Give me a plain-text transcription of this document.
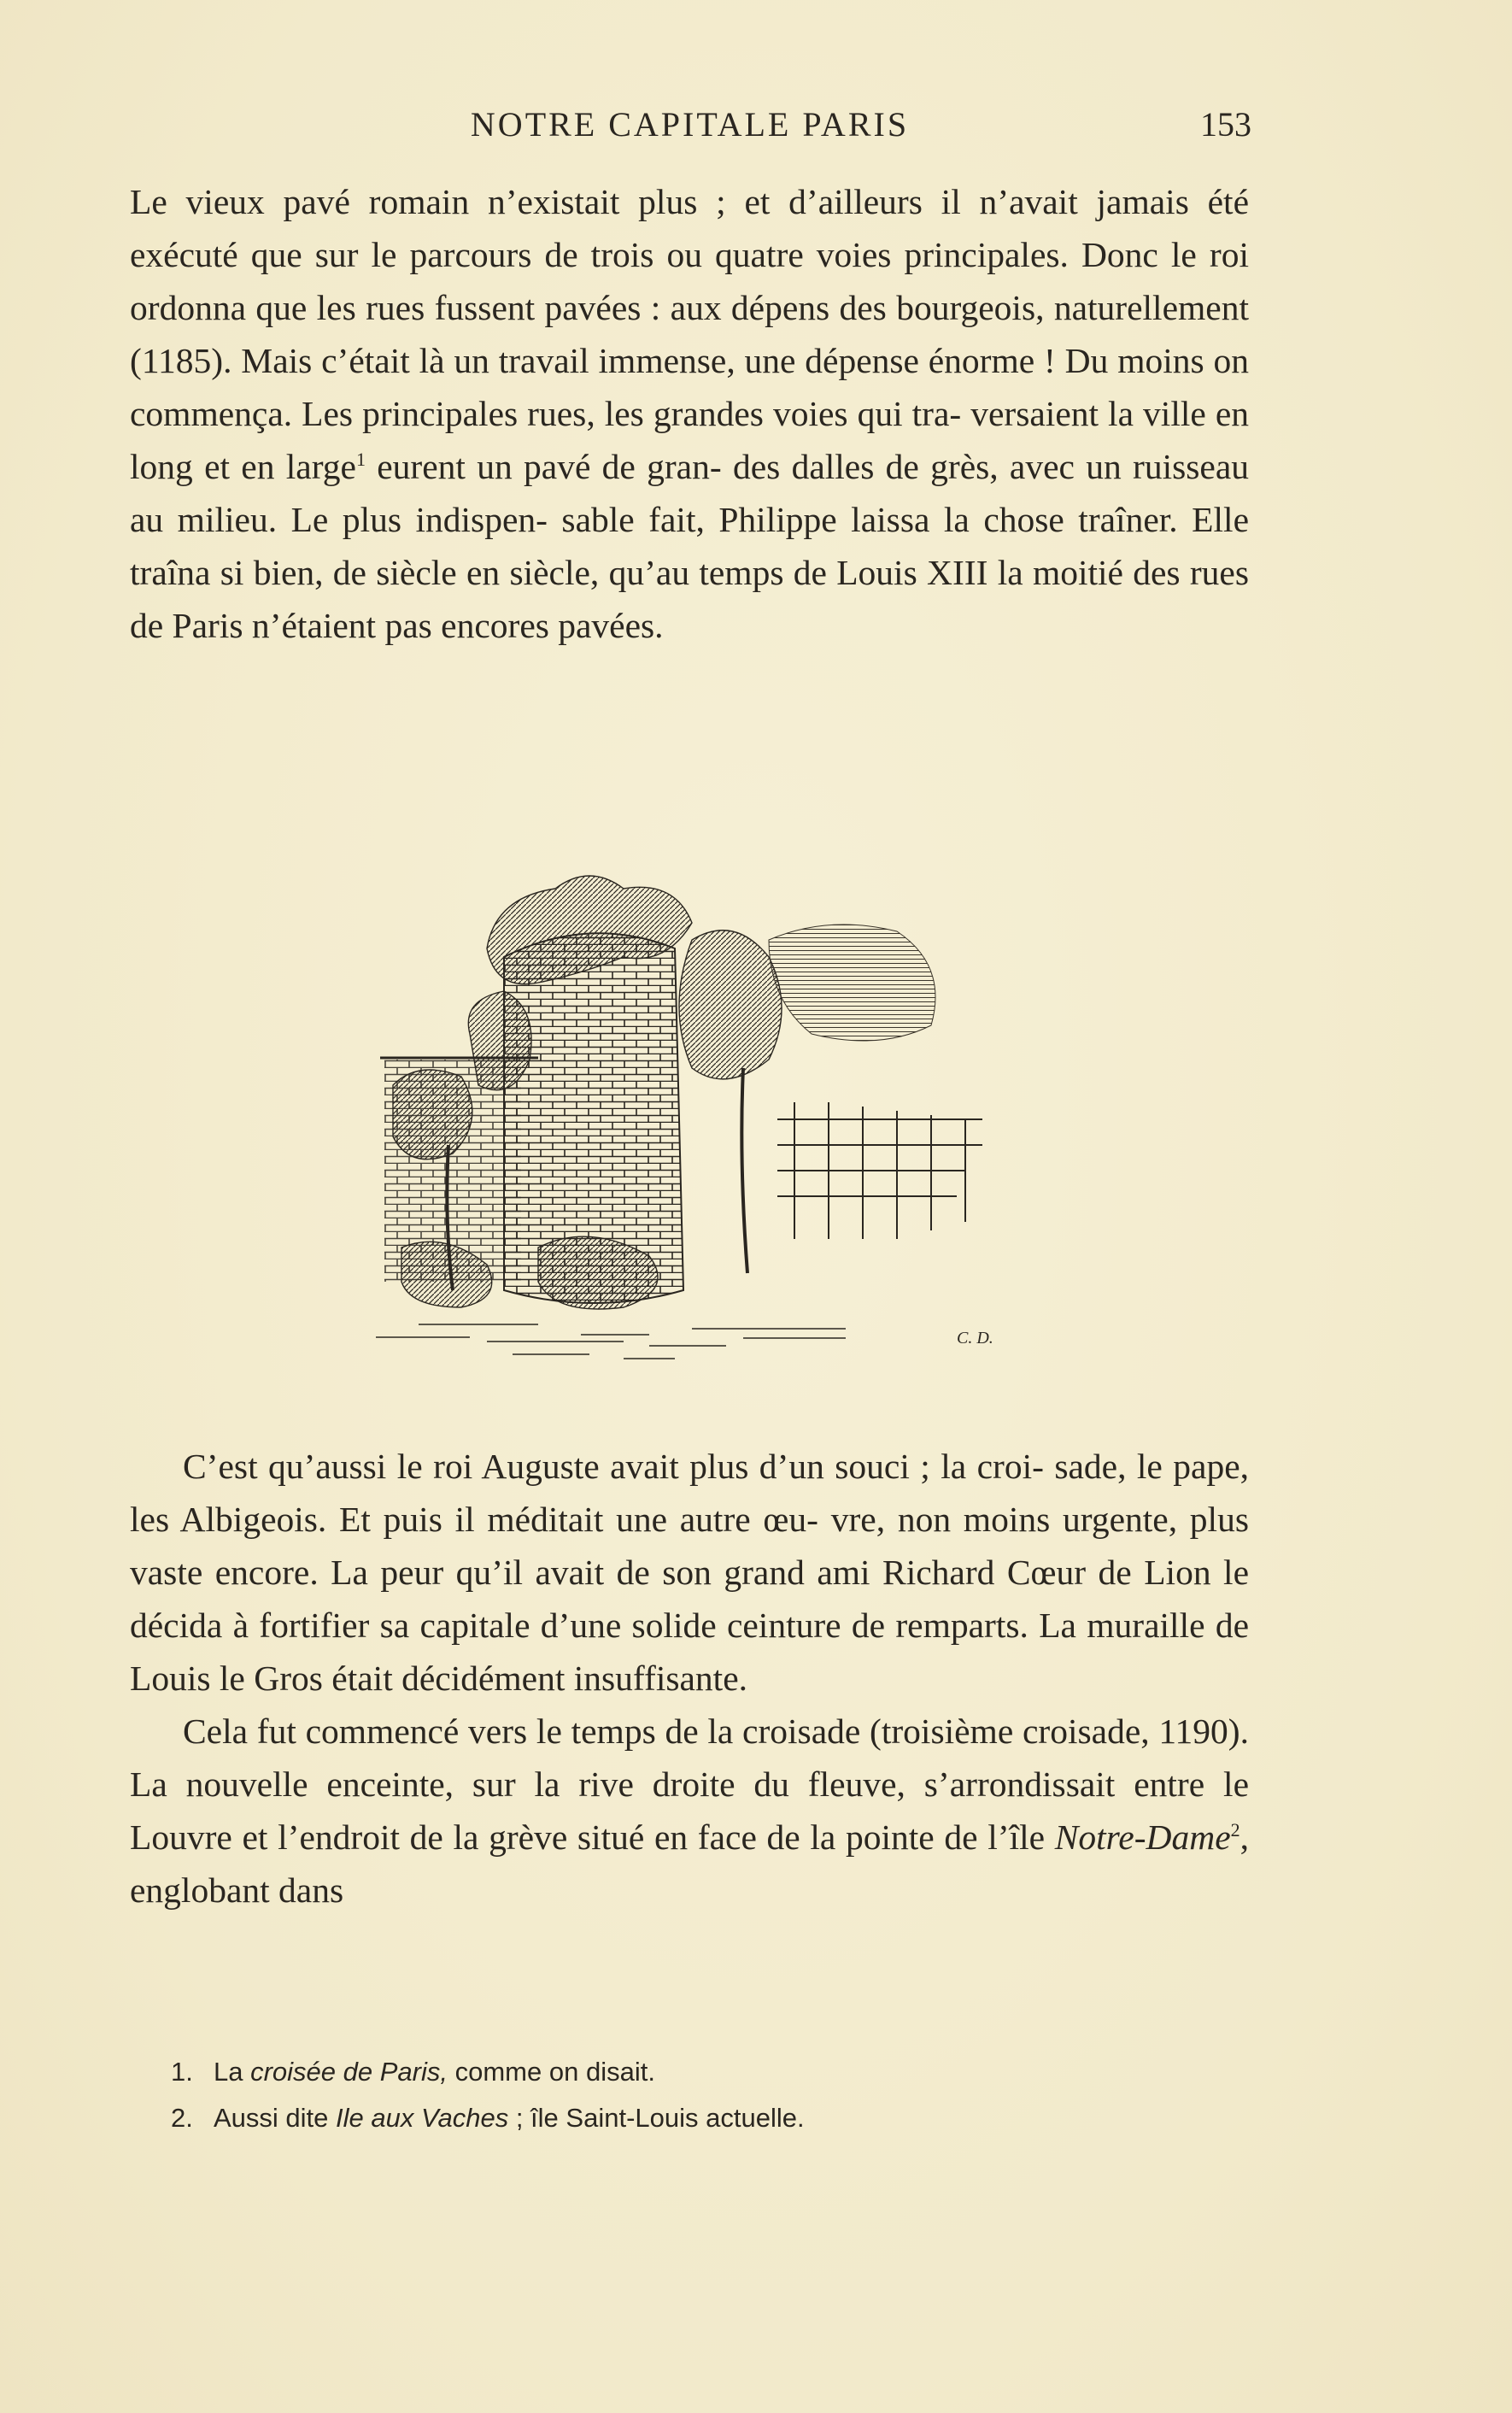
NOTRE CAPITALE PARIS	153

Le vieux pavé romain n’existait plus ; et d’ailleurs il n’avait jamais été exécuté que sur le parcours de trois ou quatre voies principales. Donc le roi ordonna que les rues fussent pavées : aux dépens des bourgeois, naturellement (1185). Mais c’était là un travail immense, une dépense énorme ! Du moins on commença. Les principales rues, les grandes voies qui tra- versaient la ville en long et en large$^1$ eurent un pavé de gran- des dalles de grès, avec un ruisseau au milieu. Le plus indispen- sable fait, Philippe laissa la chose traîner. Elle traîna si bien, de siècle en siècle, qu’au temps de Louis XIII la moitié des rues de Paris n’étaient pas encores pavées.

C. D.

C’est qu’aussi le roi Auguste avait plus d’un souci ; la croi- sade, le pape, les Albigeois. Et puis il méditait une autre œu- vre, non moins urgente, plus vaste encore. La peur qu’il avait de son grand ami Richard Cœur de Lion le décida à fortifier sa capitale d’une solide ceinture de remparts. La muraille de Louis le Gros était décidément insuffisante.

Cela fut commencé vers le temps de la croisade (troisième croisade, 1190). La nouvelle enceinte, sur la rive droite du fleuve, s’arrondissait entre le Louvre et l’endroit de la grève situé en face de la pointe de l’île Notre-Dame$^2$, englobant dans

1. La croisée de Paris, comme on disait.
2. Aussi dite Ile aux Vaches ; île Saint-Louis actuelle.
